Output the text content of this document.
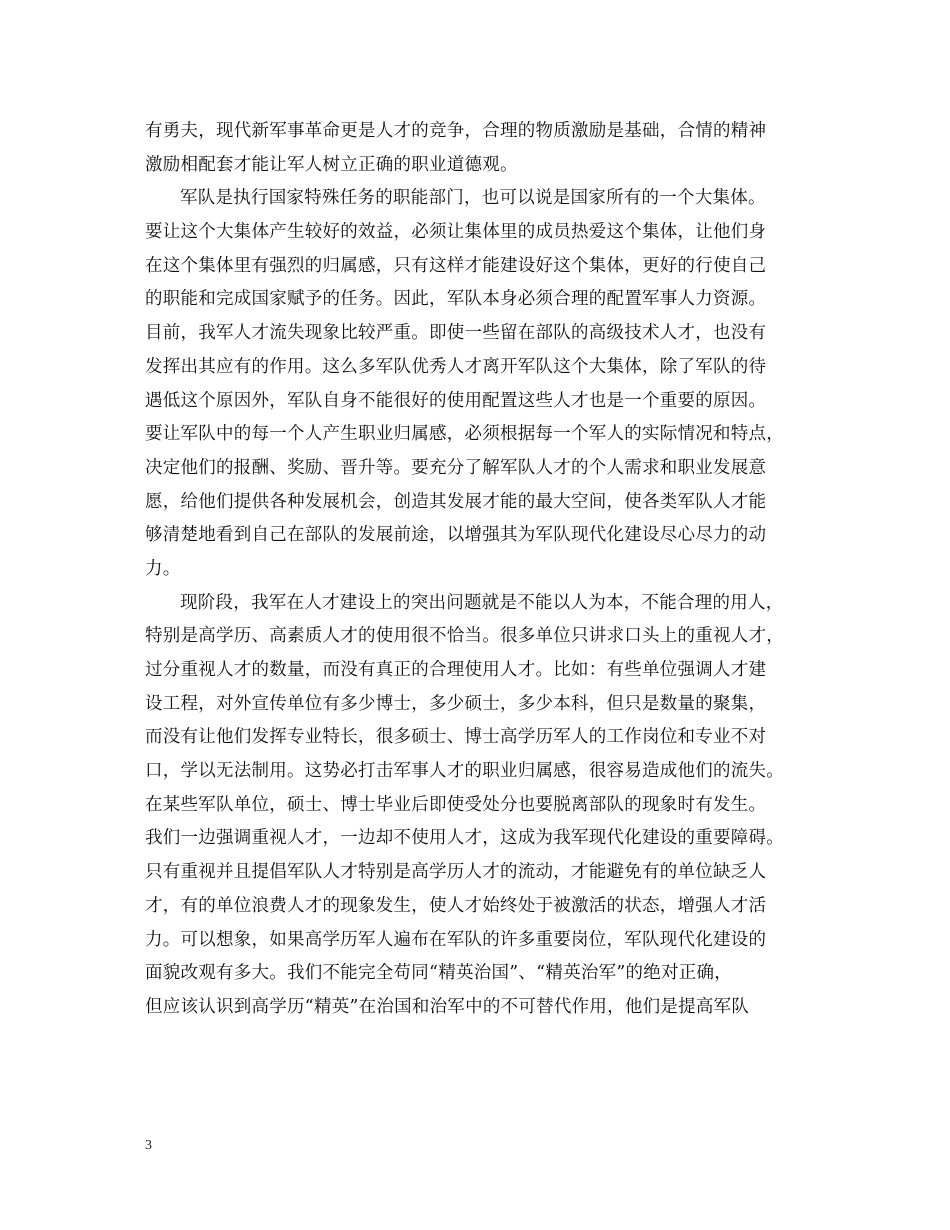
有勇夫，现代新军事革命更是人才的竞争，合理的物质激励是基础，合情的精神
激励相配套才能让军人树立正确的职业道德观。
军队是执行国家特殊任务的职能部门，也可以说是国家所有的一个大集体。
要让这个大集体产生较好的效益，必须让集体里的成员热爱这个集体，让他们身
在这个集体里有强烈的归属感，只有这样才能建设好这个集体，更好的行使自己
的职能和完成国家赋予的任务。因此，军队本身必须合理的配置军事人力资源。
目前，我军人才流失现象比较严重。即使一些留在部队的高级技术人才，也没有
发挥出其应有的作用。这么多军队优秀人才离开军队这个大集体，除了军队的待
遇低这个原因外，军队自身不能很好的使用配置这些人才也是一个重要的原因。
要让军队中的每一个人产生职业归属感，必须根据每一个军人的实际情况和特点，
决定他们的报酬、奖励、晋升等。要充分了解军队人才的个人需求和职业发展意
愿，给他们提供各种发展机会，创造其发展才能的最大空间，使各类军队人才能
够清楚地看到自己在部队的发展前途，以增强其为军队现代化建设尽心尽力的动
力。
现阶段，我军在人才建设上的突出问题就是不能以人为本，不能合理的用人，
特别是高学历、高素质人才的使用很不恰当。很多单位只讲求口头上的重视人才，
过分重视人才的数量，而没有真正的合理使用人才。比如：有些单位强调人才建
设工程，对外宣传单位有多少博士，多少硕士，多少本科，但只是数量的聚集，
而没有让他们发挥专业特长，很多硕士、博士高学历军人的工作岗位和专业不对
口，学以无法制用。这势必打击军事人才的职业归属感，很容易造成他们的流失。
在某些军队单位，硕士、博士毕业后即使受处分也要脱离部队的现象时有发生。
我们一边强调重视人才，一边却不使用人才，这成为我军现代化建设的重要障碍。
只有重视并且提倡军队人才特别是高学历人才的流动，才能避免有的单位缺乏人
才，有的单位浪费人才的现象发生，使人才始终处于被激活的状态，增强人才活
力。可以想象，如果高学历军人遍布在军队的许多重要岗位，军队现代化建设的
面貌改观有多大。我们不能完全苟同“精英治国”、“精英治军”的绝对正确，
但应该认识到高学历“精英”在治国和治军中的不可替代作用，他们是提高军队
3
